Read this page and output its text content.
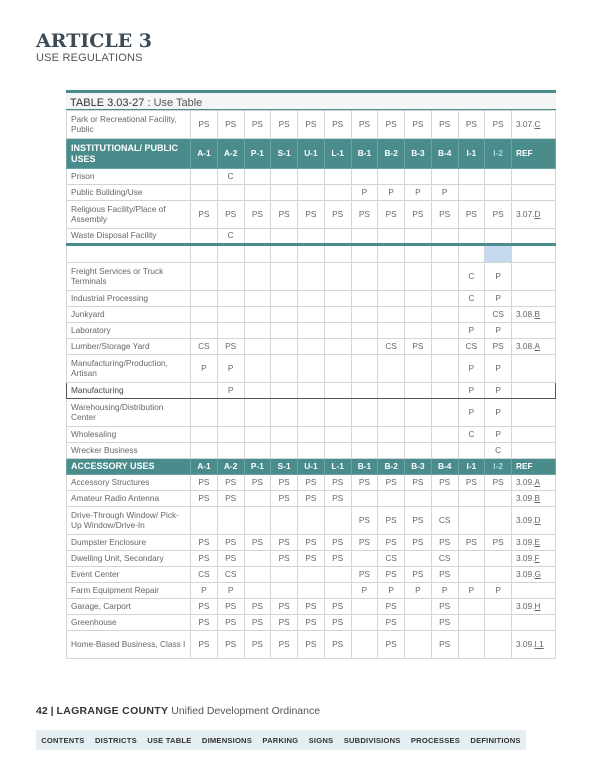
ARTICLE 3
USE REGULATIONS
TABLE 3.03-27 : Use Table
Park or Recreational Facility, Public	PS	PS	PS	PS	PS	PS	PS	PS	PS	PS	PS	PS	3.07.C
INSTITUTIONAL/ PUBLIC USES	A-1	A-2	P-1	S-1	U-1	L-1	B-1	B-2	B-3	B-4	I-1	I-2	REF
Prison		C											
Public Building/Use							P	P	P	P			
Religious Facility/Place of Assembly	PS	PS	PS	PS	PS	PS	PS	PS	PS	PS	PS	PS	3.07.D
Waste Disposal Facility		C											

Freight Services or Truck Terminals											C	P	
Industrial Processing											C	P	
Junkyard												CS	3.08.B
Laboratory											P	P	
Lumber/Storage Yard	CS	PS						CS	PS		CS	PS	3.08.A
Manufacturing/Production, Artisan	P	P									P	P	
Manufacturing		P									P	P	
Warehousing/Distribution Center											P	P	
Wholesaling											C	P	
Wrecker Business												C	
ACCESSORY USES	A-1	A-2	P-1	S-1	U-1	L-1	B-1	B-2	B-3	B-4	I-1	I-2	REF
Accessory Structures	PS	PS	PS	PS	PS	PS	PS	PS	PS	PS	PS	PS	3.09.A
Amateur Radio Antenna	PS	PS		PS	PS	PS							3.09.B
Drive-Through Window/ Pick-Up Window/Drive-In							PS	PS	PS	CS			3.09.D
Dumpster Enclosure	PS	PS	PS	PS	PS	PS	PS	PS	PS	PS	PS	PS	3.09.E
Dwelling Unit, Secondary	PS	PS		PS	PS	PS		CS		CS			3.09.F
Event Center	CS	CS					PS	PS	PS	PS			3.09.G
Farm Equipment Repair	P	P					P	P	P	P	P	P	
Garage, Carport	PS	PS	PS	PS	PS	PS		PS		PS			3.09.H
Greenhouse	PS	PS	PS	PS	PS	PS		PS		PS			
Home-Based Business, Class I	PS	PS	PS	PS	PS	PS		PS		PS			3.09.I.1
42 | LAGRANGE COUNTY Unified Development Ordinance
CONTENTS DISTRICTS USE TABLE DIMENSIONS PARKING SIGNS SUBDIVISIONS PROCESSES DEFINITIONS
